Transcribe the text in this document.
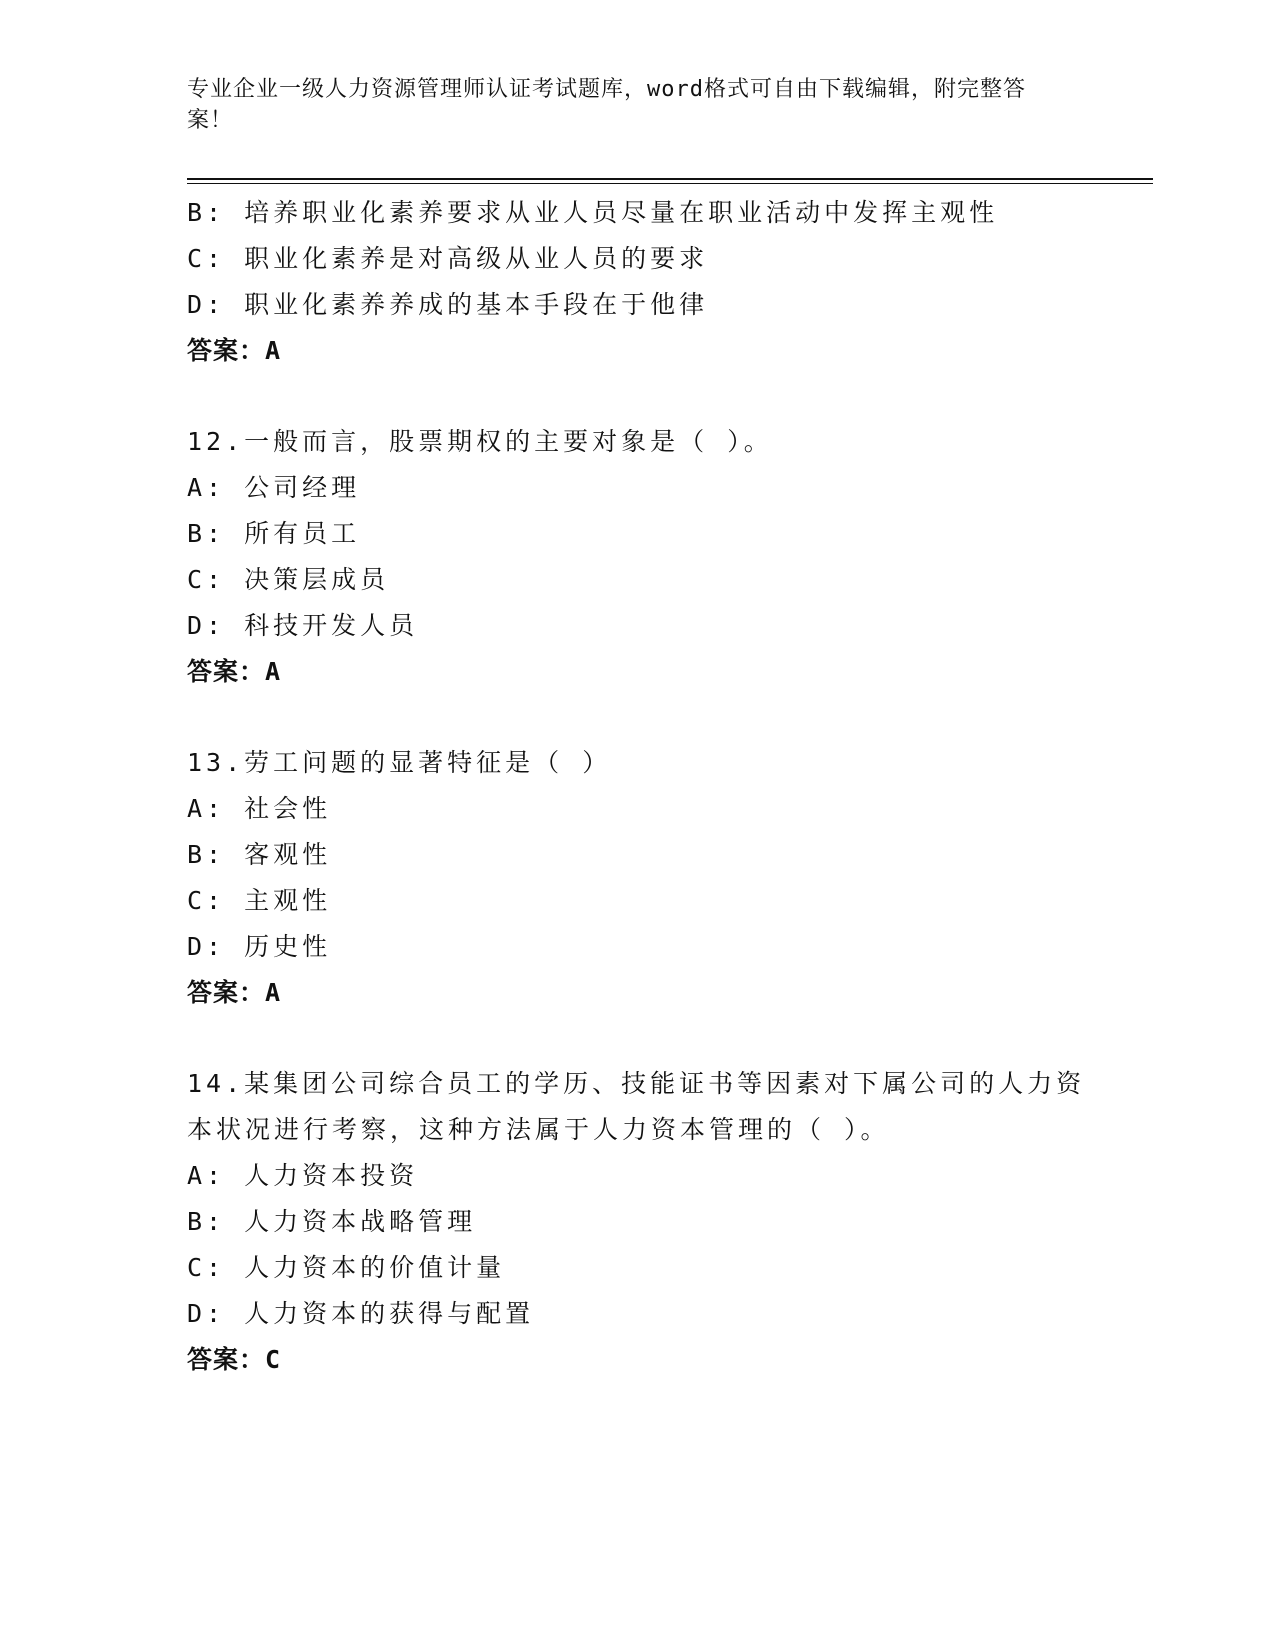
专业企业一级人力资源管理师认证考试题库，word格式可自由下载编辑，附完整答案！
B: 培养职业化素养要求从业人员尽量在职业活动中发挥主观性
C: 职业化素养是对高级从业人员的要求
D: 职业化素养养成的基本手段在于他律
答案：A
12.一般而言，股票期权的主要对象是（ ）。
A: 公司经理
B: 所有员工
C: 决策层成员
D: 科技开发人员
答案：A
13.劳工问题的显著特征是（ ）
A: 社会性
B: 客观性
C: 主观性
D: 历史性
答案：A
14.某集团公司综合员工的学历、技能证书等因素对下属公司的人力资本状况进行考察，这种方法属于人力资本管理的（ ）。
A: 人力资本投资
B: 人力资本战略管理
C: 人力资本的价值计量
D: 人力资本的获得与配置
答案：C
